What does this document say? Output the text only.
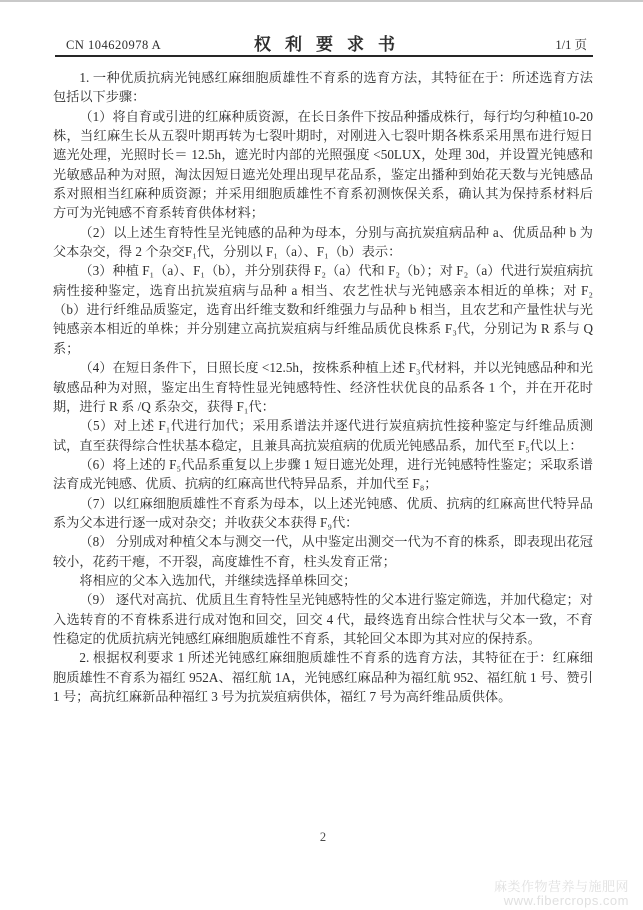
CN 104620978 A	权利要求书	1/1 页

1. 一种优质抗病光钝感红麻细胞质雄性不育系的选育方法，其特征在于：所述选育方法包括以下步骤：

（1）将自育或引进的红麻种质资源，在长日条件下按品种播成株行，每行均匀种植10-20 株，当红麻生长从五裂叶期再转为七裂叶期时，对刚进入七裂叶期各株系采用黑布进行短日遮光处理，光照时长＝ 12.5h，遮光时内部的光照强度 <50LUX，处理 30d，并设置光钝感和光敏感品种为对照，淘汰因短日遮光处理出现早花品系，鉴定出播种到始花天数与光钝感品系对照相当红麻种质资源；并采用细胞质雄性不育系初测恢保关系，确认其为保持系材料后方可为光钝感不育系转育供体材料；

（2）以上述生育特性呈光钝感的品种为母本，分别与高抗炭疽病品种 a、优质品种 b 为父本杂交，得 2 个杂交F₁代，分别以 F₁（a）、F₁（b）表示：

（3）种植 F₁（a）、F₁（b），并分别获得 F₂（a）代和 F₂（b）；对 F₂（a）代进行炭疽病抗病性接种鉴定，选育出抗炭疽病与品种 a 相当、农艺性状与光钝感亲本相近的单株；对 F₂（b）进行纤维品质鉴定，选育出纤维支数和纤维强力与品种 b 相当，且农艺和产量性状与光钝感亲本相近的单株；并分别建立高抗炭疽病与纤维品质优良株系 F₃代，分别记为 R 系与 Q 系；

（4）在短日条件下，日照长度 <12.5h，按株系种植上述 F₃代材料，并以光钝感品种和光敏感品种为对照，鉴定出生育特性显光钝感特性、经济性状优良的品系各 1 个，并在开花时期，进行 R 系 /Q 系杂交，获得 F₁代：

（5）对上述 F₁代进行加代；采用系谱法并逐代进行炭疽病抗性接种鉴定与纤维品质测试，直至获得综合性状基本稳定，且兼具高抗炭疽病的优质光钝感品系，加代至 F₅代以上：

（6）将上述的 F₅代品系重复以上步骤 1 短日遮光处理，进行光钝感特性鉴定；采取系谱法育成光钝感、优质、抗病的红麻高世代特异品系，并加代至 F₈；

（7）以红麻细胞质雄性不育系为母本，以上述光钝感、优质、抗病的红麻高世代特异品系为父本进行逐一成对杂交；并收获父本获得 F₉代：

（8） 分别成对种植父本与测交一代，从中鉴定出测交一代为不育的株系，即表现出花冠较小，花药干瘪，不开裂，高度雄性不育，柱头发育正常；

将相应的父本入选加代，并继续选择单株回交；

（9） 逐代对高抗、优质且生育特性呈光钝感特性的父本进行鉴定筛选，并加代稳定；对入选转育的不育株系进行成对饱和回交，回交 4 代，最终选育出综合性状与父本一致，不育性稳定的优质抗病光钝感红麻细胞质雄性不育系，其轮回父本即为其对应的保持系。

2. 根据权利要求 1 所述光钝感红麻细胞质雄性不育系的选育方法，其特征在于：红麻细胞质雄性不育系为福红 952A、福红航 1A，光钝感红麻品种为福红航 952、福红航 1 号、赞引 1 号；高抗红麻新品种福红 3 号为抗炭疽病供体，福红 7 号为高纤维品质供体。

2
麻类作物营养与施肥网
www.fibercrops.com
